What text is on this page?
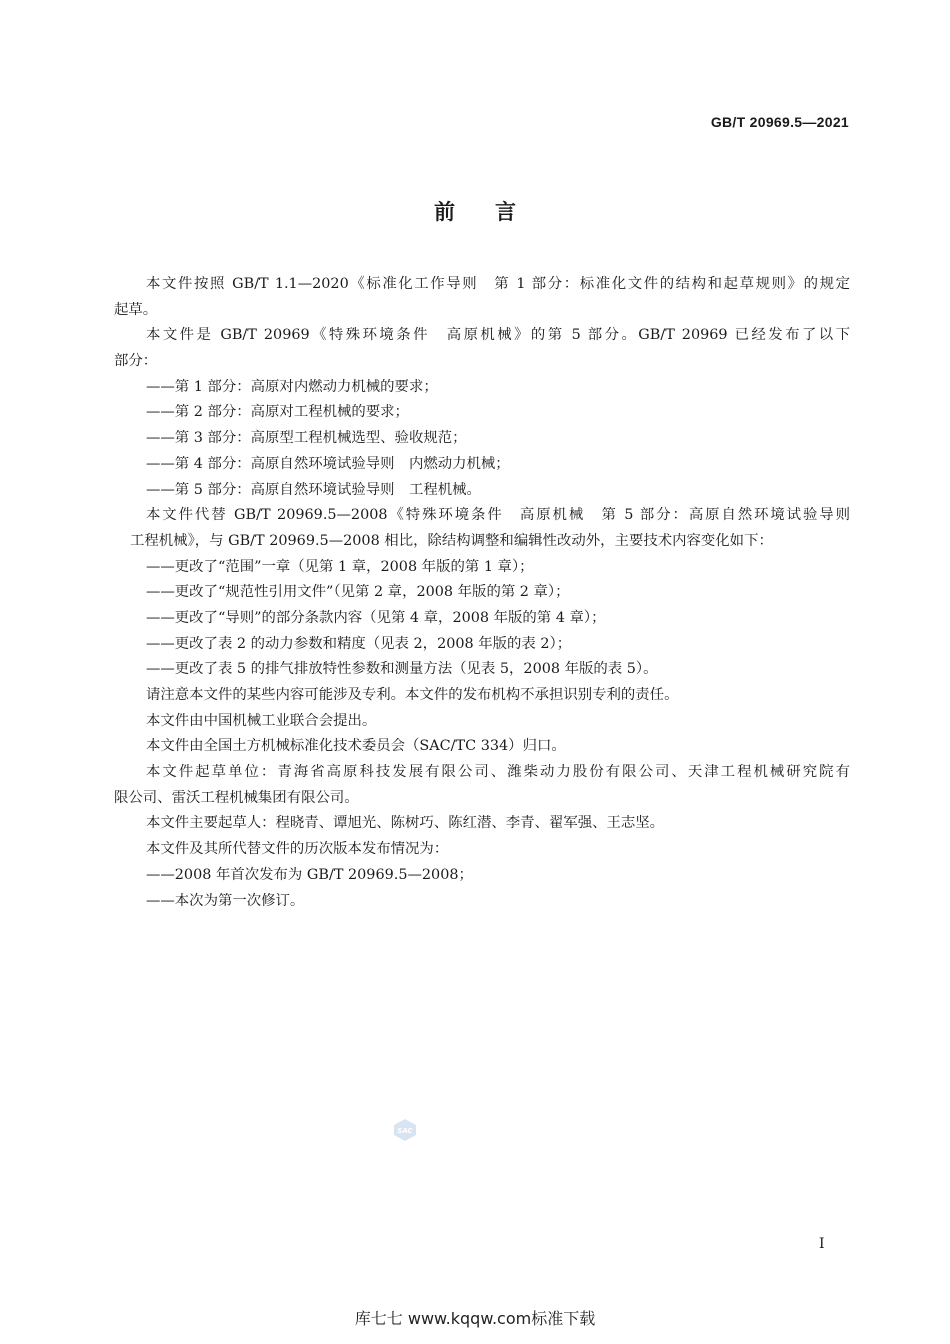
GB/T 20969.5—2021
前言
本文件按照 GB/T 1.1—2020《标准化工作导则　第 1 部分：标准化文件的结构和起草规则》的规定
起草。
本文件是 GB/T 20969《特殊环境条件　高原机械》的第 5 部分。GB/T 20969 已经发布了以下
部分：
——第 1 部分：高原对内燃动力机械的要求；
——第 2 部分：高原对工程机械的要求；
——第 3 部分：高原型工程机械选型、验收规范；
——第 4 部分：高原自然环境试验导则　内燃动力机械；
——第 5 部分：高原自然环境试验导则　工程机械。
本文件代替 GB/T 20969.5—2008《特殊环境条件　高原机械　第 5 部分：高原自然环境试验导则
工程机械》，与 GB/T 20969.5—2008 相比，除结构调整和编辑性改动外，主要技术内容变化如下：
——更改了“范围”一章（见第 1 章，2008 年版的第 1 章）；
——更改了“规范性引用文件”（见第 2 章，2008 年版的第 2 章）；
——更改了“导则”的部分条款内容（见第 4 章，2008 年版的第 4 章）；
——更改了表 2 的动力参数和精度（见表 2，2008 年版的表 2）；
——更改了表 5 的排气排放特性参数和测量方法（见表 5，2008 年版的表 5）。
请注意本文件的某些内容可能涉及专利。本文件的发布机构不承担识别专利的责任。
本文件由中国机械工业联合会提出。
本文件由全国土方机械标准化技术委员会（SAC/TC 334）归口。
本文件起草单位：青海省高原科技发展有限公司、潍柴动力股份有限公司、天津工程机械研究院有
限公司、雷沃工程机械集团有限公司。
本文件主要起草人：程晓青、谭旭光、陈树巧、陈红潜、李青、翟军强、王志坚。
本文件及其所代替文件的历次版本发布情况为：
——2008 年首次发布为 GB/T 20969.5—2008；
——本次为第一次修订。
SAC
I
库七七 www.kqqw.com标准下载
